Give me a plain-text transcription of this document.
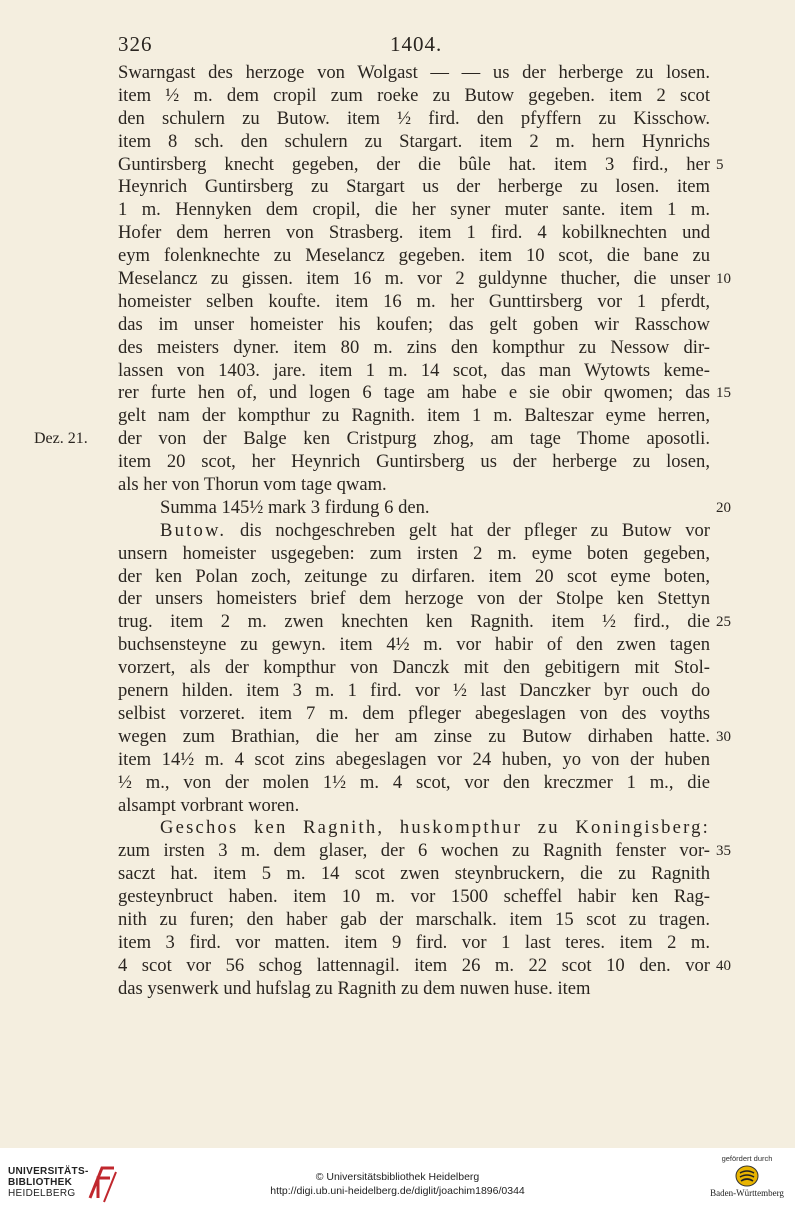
326	1404.
Swarngast des herzoge von Wolgast — — us der herberge zu losen.
item ½ m. dem cropil zum roeke zu Butow gegeben. item 2 scot
den schulern zu Butow. item ½ fird. den pfyffern zu Kisschow.
item 8 sch. den schulern zu Stargart. item 2 m. hern Hynrichs
Guntirsberg knecht gegeben, der die bûle hat. item 3 fird., her 5
Heynrich Guntirsberg zu Stargart us der herberge zu losen. item
1 m. Hennyken dem cropil, die her syner muter sante. item 1 m.
Hofer dem herren von Strasberg. item 1 fird. 4 kobilknechten und
eym folenknechte zu Meselancz gegeben. item 10 scot, die bane zu
Meselancz zu gissen. item 16 m. vor 2 guldynne thucher, die unser 10
homeister selben koufte. item 16 m. her Gunttirsberg vor 1 pferdt,
das im unser homeister his koufen; das gelt goben wir Rasschow
des meisters dyner. item 80 m. zins den kompthur zu Nessow dir-
lassen von 1403. jare. item 1 m. 14 scot, das man Wytowts keme-
rer furte hen of, und logen 6 tage am habe e sie obir qwomen; das 15
gelt nam der kompthur zu Ragnith. item 1 m. Balteszar eyme herren,
der von der Balge ken Cristpurg zhog, am tage Thome aposotli.
item 20 scot, her Heynrich Guntirsberg us der herberge zu losen,
als her von Thorun vom tage qwam.
Summa 145½ mark 3 firdung 6 den.	20
Butow. dis nochgeschreben gelt hat der pfleger zu Butow vor
unsern homeister usgegeben: zum irsten 2 m. eyme boten gegeben,
der ken Polan zoch, zeitunge zu dirfaren. item 20 scot eyme boten,
der unsers homeisters brief dem herzoge von der Stolpe ken Stettyn
trug. item 2 m. zwen knechten ken Ragnith. item ½ fird., die 25
buchsensteyne zu gewyn. item 4½ m. vor habir of den zwen tagen
vorzert, als der kompthur von Danczk mit den gebitigern mit Stol-
penern hilden. item 3 m. 1 fird. vor ½ last Danczker byr ouch do
selbist vorzeret. item 7 m. dem pfleger abegeslagen von des voyths
wegen zum Brathian, die her am zinse zu Butow dirhaben hatte. 30
item 14½ m. 4 scot zins abegeslagen vor 24 huben, yo von der huben
½ m., von der molen 1½ m. 4 scot, vor den kreczmer 1 m., die
alsampt vorbrant woren.
Geschos ken Ragnith, huskompthur zu Koningisberg:
zum irsten 3 m. dem glaser, der 6 wochen zu Ragnith fenster vor- 35
saczt hat. item 5 m. 14 scot zwen steynbruckern, die zu Ragnith
gesteynbruct haben. item 10 m. vor 1500 scheffel habir ken Rag-
nith zu furen; den haber gab der marschalk. item 15 scot zu tragen.
item 3 fird. vor matten. item 9 fird. vor 1 last teres. item 2 m.
4 scot vor 56 schog lattennagil. item 26 m. 22 scot 10 den. vor 40
das ysenwerk und hufslag zu Ragnith zu dem nuwen huse. item
Dez. 21.
UNIVERSITÄTS-
BIBLIOTHEK
HEIDELBERG
© Universitätsbibliothek Heidelberg
http://digi.ub.uni-heidelberg.de/diglit/joachim1896/0344
gefördert durch
Baden-Württemberg
